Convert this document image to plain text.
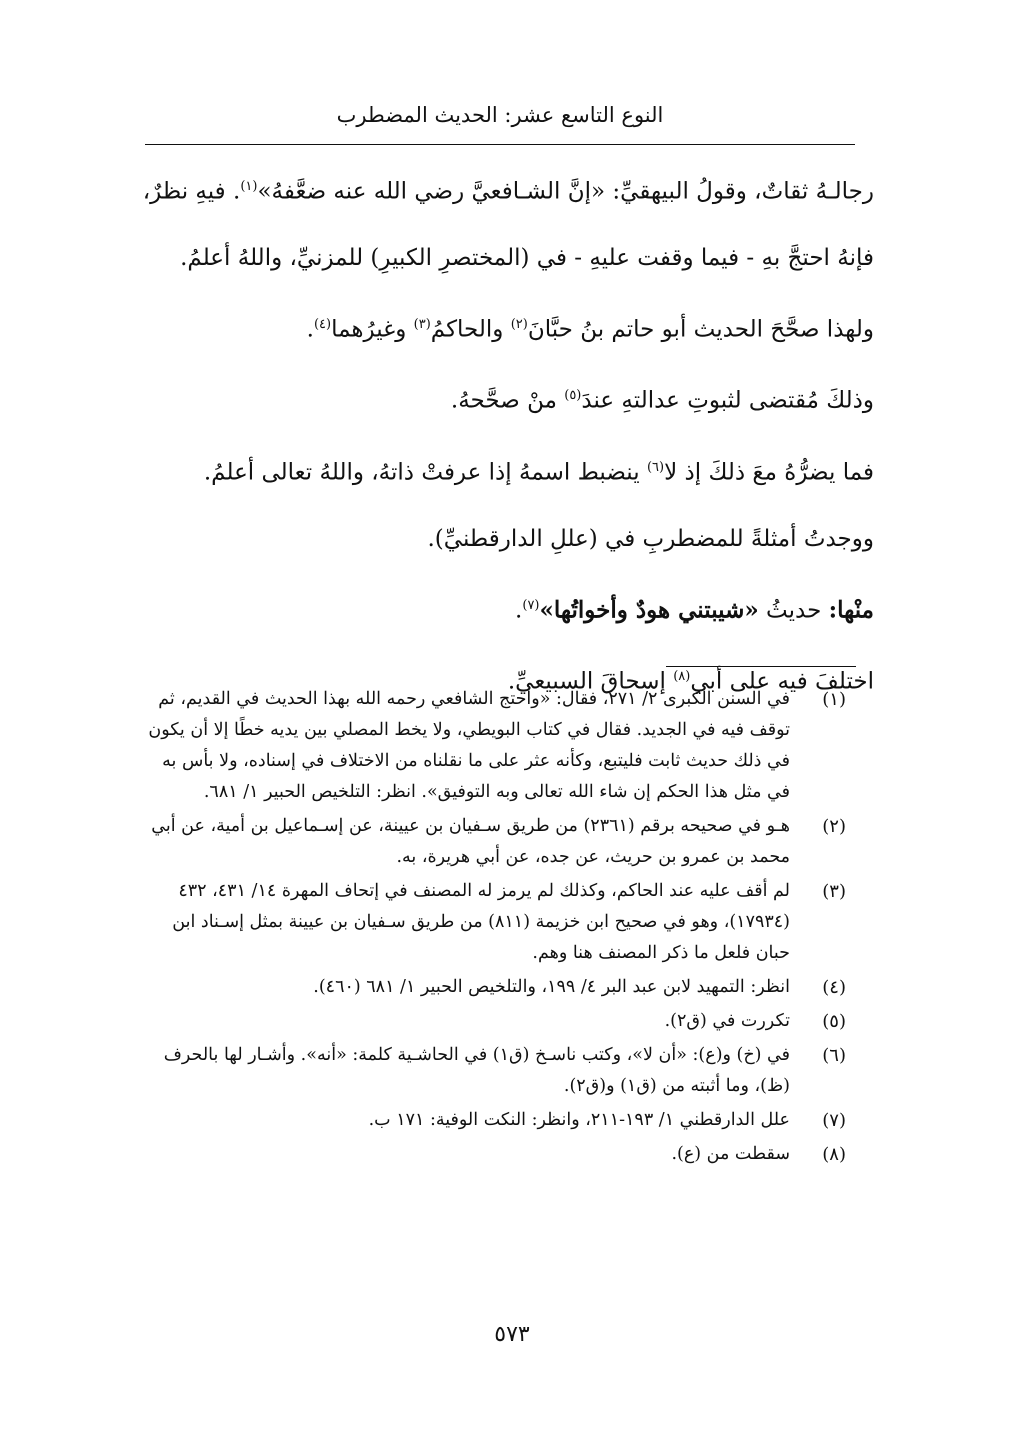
النوع التاسع عشر: الحديث المضطرب

رجالـهُ ثقاتٌ، وقولُ البيهقيِّ: «إنَّ الشـافعيَّ رضي الله عنه ضعَّفهُ»$^{(١)}$. فيهِ نظرٌ،

فإنهُ احتجَّ بهِ - فيما وقفت عليهِ - في (المختصرِ الكبيرِ) للمزنيِّ، واللهُ أعلمُ.

ولهذا صحَّحَ الحديث أبو حاتم بنُ حبَّانَ$^{(٢)}$ والحاكمُ$^{(٣)}$ وغيرُهما$^{(٤)}$.

وذلكَ مُقتضى لثبوتِ عدالتهِ عندَ$^{(٥)}$ منْ صحَّحهُ.

فما يضرُّهُ معَ ذلكَ إذ لا$^{(٦)}$ ينضبط اسمهُ إذا عرفتْ ذاتهُ، واللهُ تعالى أعلمُ.

ووجدتُ أمثلةً للمضطربِ في (عللِ الدارقطنيِّ).

منْها: حديثُ «شيبتني هودٌ وأخواتُها»$^{(٧)}$.

اختلفَ فيه على أبي$^{(٨)}$ إسحاقَ السبيعيِّ.

(١)
في السنن الكبرى ٢/ ٢٧١، فقال: «واحتج الشافعي رحمه الله بهذا الحديث في القديم، ثم
توقف فيه في الجديد. فقال في كتاب البويطي، ولا يخط المصلي بين يديه خطًا إلا أن يكون
في ذلك حديث ثابت فليتبع، وكأنه عثر على ما نقلناه من الاختلاف في إسناده، ولا بأس به
في مثل هذا الحكم إن شاء الله تعالى وبه التوفيق». انظر: التلخيص الحبير ١/ ٦٨١.
(٢)
هـو في صحيحه برقم (٢٣٦١) من طريق سـفيان بن عيينة، عن إسـماعيل بن أمية، عن أبي
محمد بن عمرو بن حريث، عن جده، عن أبي هريرة، به.
(٣)
لم أقف عليه عند الحاكم، وكذلك لم يرمز له المصنف في إتحاف المهرة ١٤/ ٤٣١، ٤٣٢
(١٧٩٣٤)، وهو في صحيح ابن خزيمة (٨١١) من طريق سـفيان بن عيينة بمثل إسـناد ابن
حبان فلعل ما ذكر المصنف هنا وهم.
(٤)
انظر: التمهيد لابن عبد البر ٤/ ١٩٩، والتلخيص الحبير ١/ ٦٨١ (٤٦٠).
(٥)
تكررت في (ق٢).
(٦)
في (خ) و(ع): «أن لا»، وكتب ناسـخ (ق١) في الحاشـية كلمة: «أنه». وأشـار لها بالحرف
(ظ)، وما أثبته من (ق١) و(ق٢).
(٧)
علل الدارقطني ١/ ١٩٣-٢١١، وانظر: النكت الوفية: ١٧١ ب.
(٨)
سقطت من (ع).
٥٧٣
